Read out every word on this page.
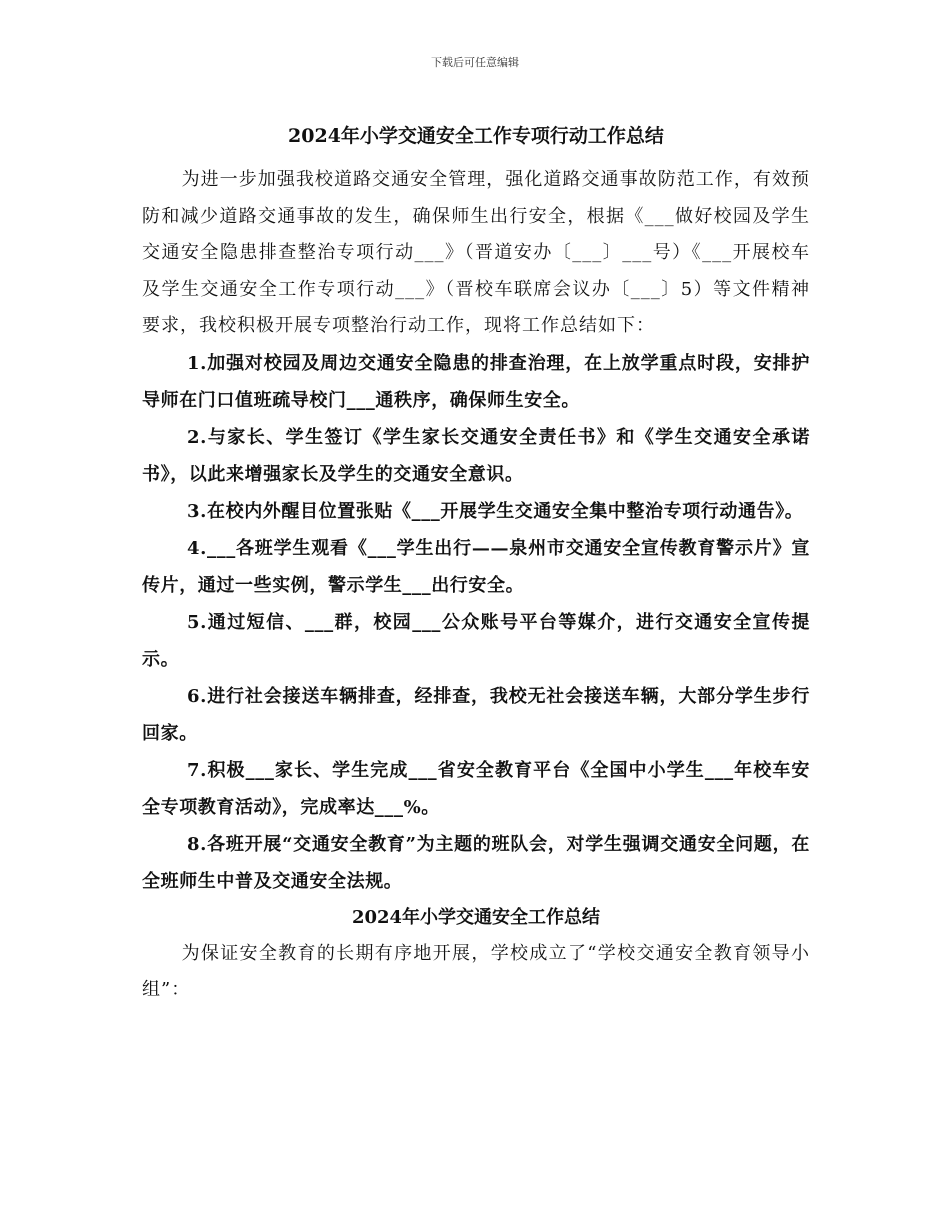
下载后可任意编辑
2024年小学交通安全工作专项行动工作总结

为进一步加强我校道路交通安全管理，强化道路交通事故防范工作，有效预防和减少道路交通事故的发生，确保师生出行安全，根据《___做好校园及学生交通安全隐患排查整治专项行动___》（晋道安办〔___〕___号）《___开展校车及学生交通安全工作专项行动___》（晋校车联席会议办〔___〕5）等文件精神要求，我校积极开展专项整治行动工作，现将工作总结如下：

1.加强对校园及周边交通安全隐患的排查治理，在上放学重点时段，安排护导师在门口值班疏导校门___通秩序，确保师生安全。

2.与家长、学生签订《学生家长交通安全责任书》和《学生交通安全承诺书》，以此来增强家长及学生的交通安全意识。

3.在校内外醒目位置张贴《___开展学生交通安全集中整治专项行动通告》。

4.___各班学生观看《___学生出行——泉州市交通安全宣传教育警示片》宣传片，通过一些实例，警示学生___出行安全。

5.通过短信、___群，校园___公众账号平台等媒介，进行交通安全宣传提示。

6.进行社会接送车辆排查，经排查，我校无社会接送车辆，大部分学生步行回家。

7.积极___家长、学生完成___省安全教育平台《全国中小学生___年校车安全专项教育活动》，完成率达___%。

8.各班开展“交通安全教育”为主题的班队会，对学生强调交通安全问题，在全班师生中普及交通安全法规。

2024年小学交通安全工作总结

为保证安全教育的长期有序地开展，学校成立了“学校交通安全教育领导小组”：
